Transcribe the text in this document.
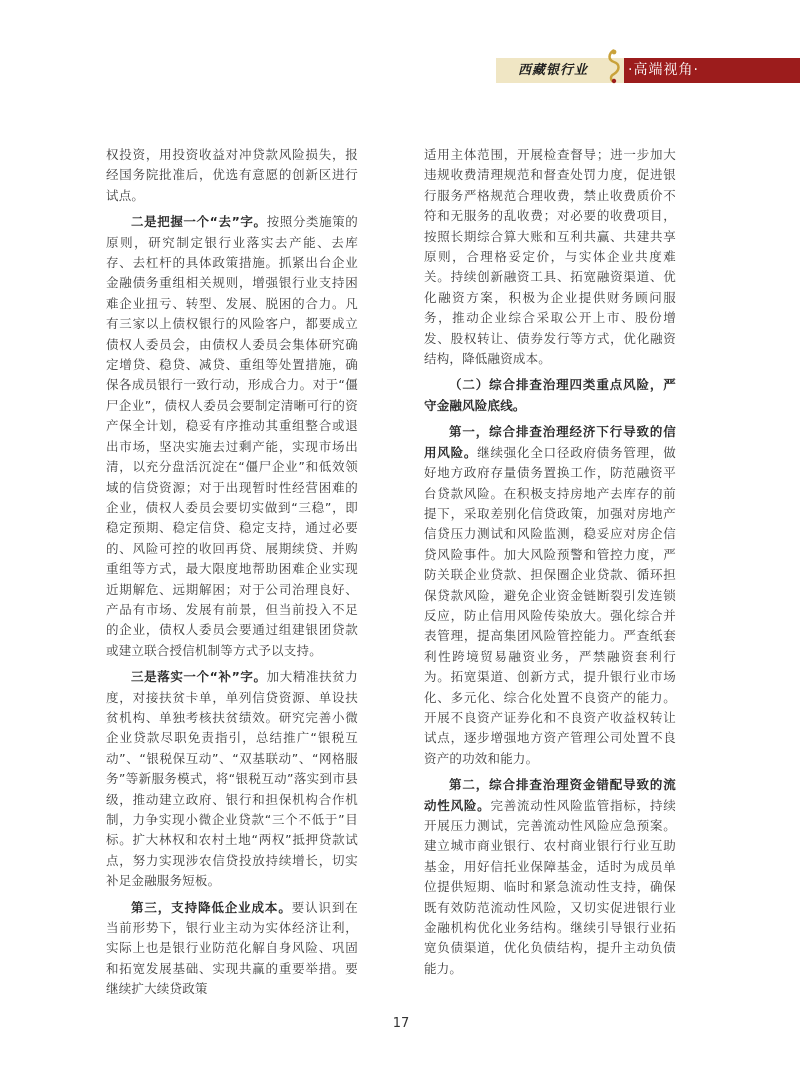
西藏银行业	·高端视角·

权投资，用投资收益对冲贷款风险损失，报经国务院批准后，优选有意愿的创新区进行试点。

二是把握一个“去”字。按照分类施策的原则，研究制定银行业落实去产能、去库存、去杠杆的具体政策措施。抓紧出台企业金融债务重组相关规则，增强银行业支持困难企业扭亏、转型、发展、脱困的合力。凡有三家以上债权银行的风险客户，都要成立债权人委员会，由债权人委员会集体研究确定增贷、稳贷、减贷、重组等处置措施，确保各成员银行一致行动，形成合力。对于“僵尸企业”，债权人委员会要制定清晰可行的资产保全计划，稳妥有序推动其重组整合或退出市场，坚决实施去过剩产能，实现市场出清，以充分盘活沉淀在“僵尸企业”和低效领域的信贷资源；对于出现暂时性经营困难的企业，债权人委员会要切实做到“三稳”，即稳定预期、稳定信贷、稳定支持，通过必要的、风险可控的收回再贷、展期续贷、并购重组等方式，最大限度地帮助困难企业实现近期解危、远期解困；对于公司治理良好、产品有市场、发展有前景，但当前投入不足的企业，债权人委员会要通过组建银团贷款或建立联合授信机制等方式予以支持。

三是落实一个“补”字。加大精准扶贫力度，对接扶贫卡单，单列信贷资源、单设扶贫机构、单独考核扶贫绩效。研究完善小微企业贷款尽职免责指引，总结推广“银税互动”、“银税保互动”、“双基联动”、“网格服务”等新服务模式，将“银税互动”落实到市县级，推动建立政府、银行和担保机构合作机制，力争实现小微企业贷款“三个不低于”目标。扩大林权和农村土地“两权”抵押贷款试点，努力实现涉农信贷投放持续增长，切实补足金融服务短板。

第三，支持降低企业成本。要认识到在当前形势下，银行业主动为实体经济让利，实际上也是银行业防范化解自身风险、巩固和拓宽发展基础、实现共赢的重要举措。要继续扩大续贷政策

适用主体范围，开展检查督导；进一步加大违规收费清理规范和督查处罚力度，促进银行服务严格规范合理收费，禁止收费质价不符和无服务的乱收费；对必要的收费项目，按照长期综合算大账和互利共赢、共建共享原则，合理格妥定价，与实体企业共度难关。持续创新融资工具、拓宽融资渠道、优化融资方案，积极为企业提供财务顾问服务，推动企业综合采取公开上市、股份增发、股权转让、债券发行等方式，优化融资结构，降低融资成本。

（二）综合排查治理四类重点风险，严守金融风险底线。

第一，综合排查治理经济下行导致的信用风险。继续强化全口径政府债务管理，做好地方政府存量债务置换工作，防范融资平台贷款风险。在积极支持房地产去库存的前提下，采取差别化信贷政策，加强对房地产信贷压力测试和风险监测，稳妥应对房企信贷风险事件。加大风险预警和管控力度，严防关联企业贷款、担保圈企业贷款、循环担保贷款风险，避免企业资金链断裂引发连锁反应，防止信用风险传染放大。强化综合并表管理，提高集团风险管控能力。严查纸套利性跨境贸易融资业务，严禁融资套利行为。拓宽渠道、创新方式，提升银行业市场化、多元化、综合化处置不良资产的能力。开展不良资产证券化和不良资产收益权转让试点，逐步增强地方资产管理公司处置不良资产的功效和能力。

第二，综合排查治理资金错配导致的流动性风险。完善流动性风险监管指标，持续开展压力测试，完善流动性风险应急预案。建立城市商业银行、农村商业银行行业互助基金，用好信托业保障基金，适时为成员单位提供短期、临时和紧急流动性支持，确保既有效防范流动性风险，又切实促进银行业金融机构优化业务结构。继续引导银行业拓宽负债渠道，优化负债结构，提升主动负债能力。

17
